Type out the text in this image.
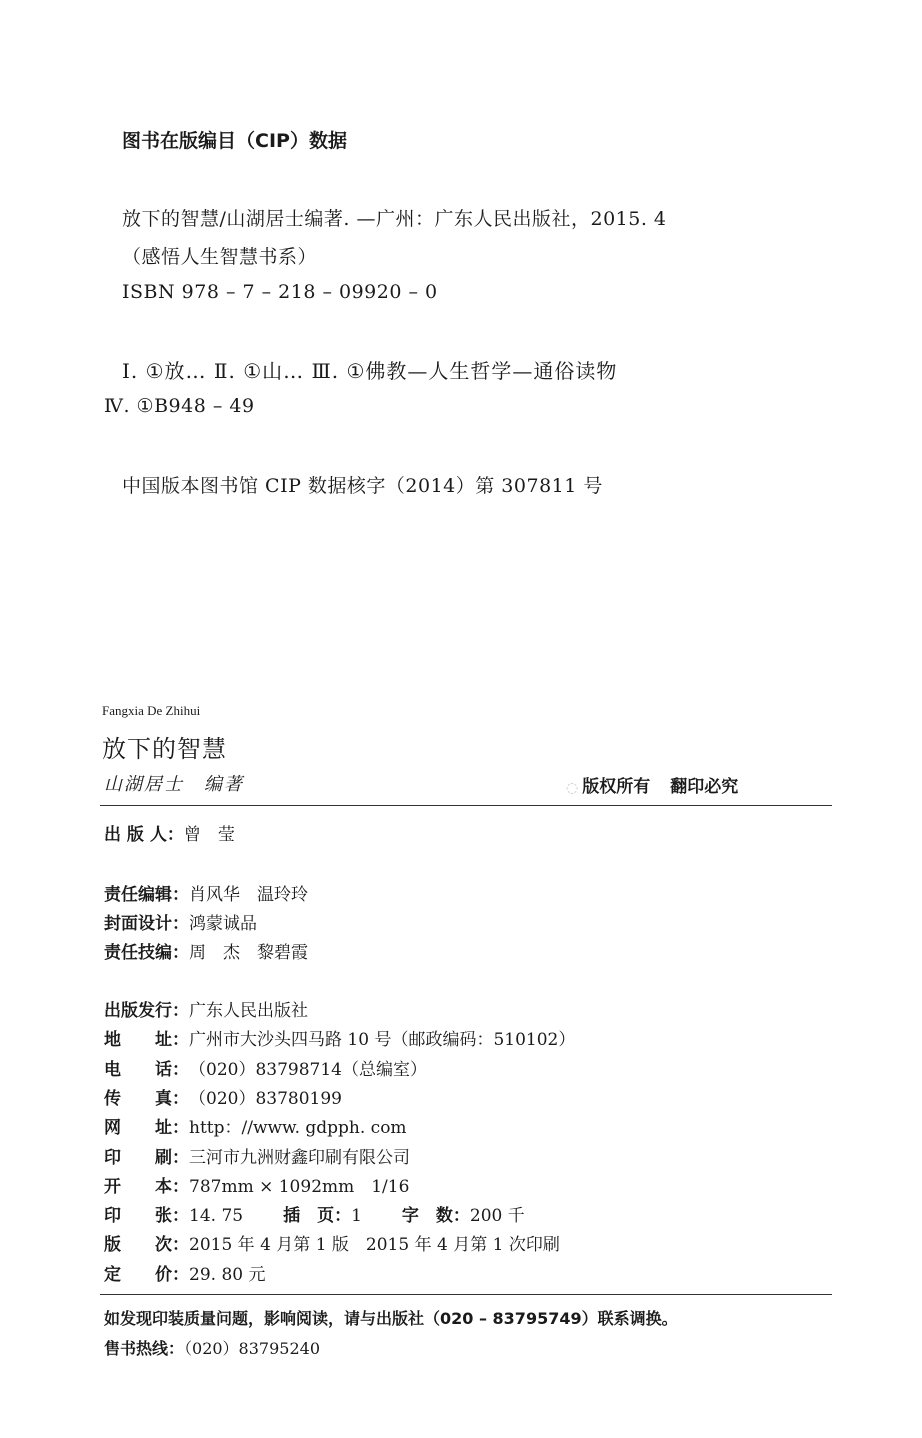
图书在版编目（CIP）数据
放下的智慧/山湖居士编著. —广州：广东人民出版社，2015. 4
（感悟人生智慧书系）
ISBN 978 – 7 – 218 – 09920 – 0
Ⅰ. ①放… Ⅱ. ①山… Ⅲ. ①佛教—人生哲学—通俗读物
Ⅳ. ①B948 – 49
中国版本图书馆 CIP 数据核字（2014）第 307811 号
Fangxia De Zhihui
放下的智慧
山湖居士 编著	◌ 版权所有 翻印必究
出 版 人： 曾　莹
责任编辑： 肖风华　温玲玲
封面设计： 鸿蒙诚品
责任技编： 周　杰　黎碧霞
出版发行： 广东人民出版社
地　　址： 广州市大沙头四马路 10 号（邮政编码：510102）
电　　话： （020）83798714（总编室）
传　　真： （020）83780199
网　　址： http：//www. gdpph. com
印　　刷： 三河市九洲财鑫印刷有限公司
开　　本： 787mm × 1092mm　1/16
印　　张： 14. 75 插　页： 1 字　数： 200 千
版　　次： 2015 年 4 月第 1 版　2015 年 4 月第 1 次印刷
定　　价： 29. 80 元
如发现印装质量问题，影响阅读，请与出版社（020 – 83795749）联系调换。
售书热线：（020）83795240
